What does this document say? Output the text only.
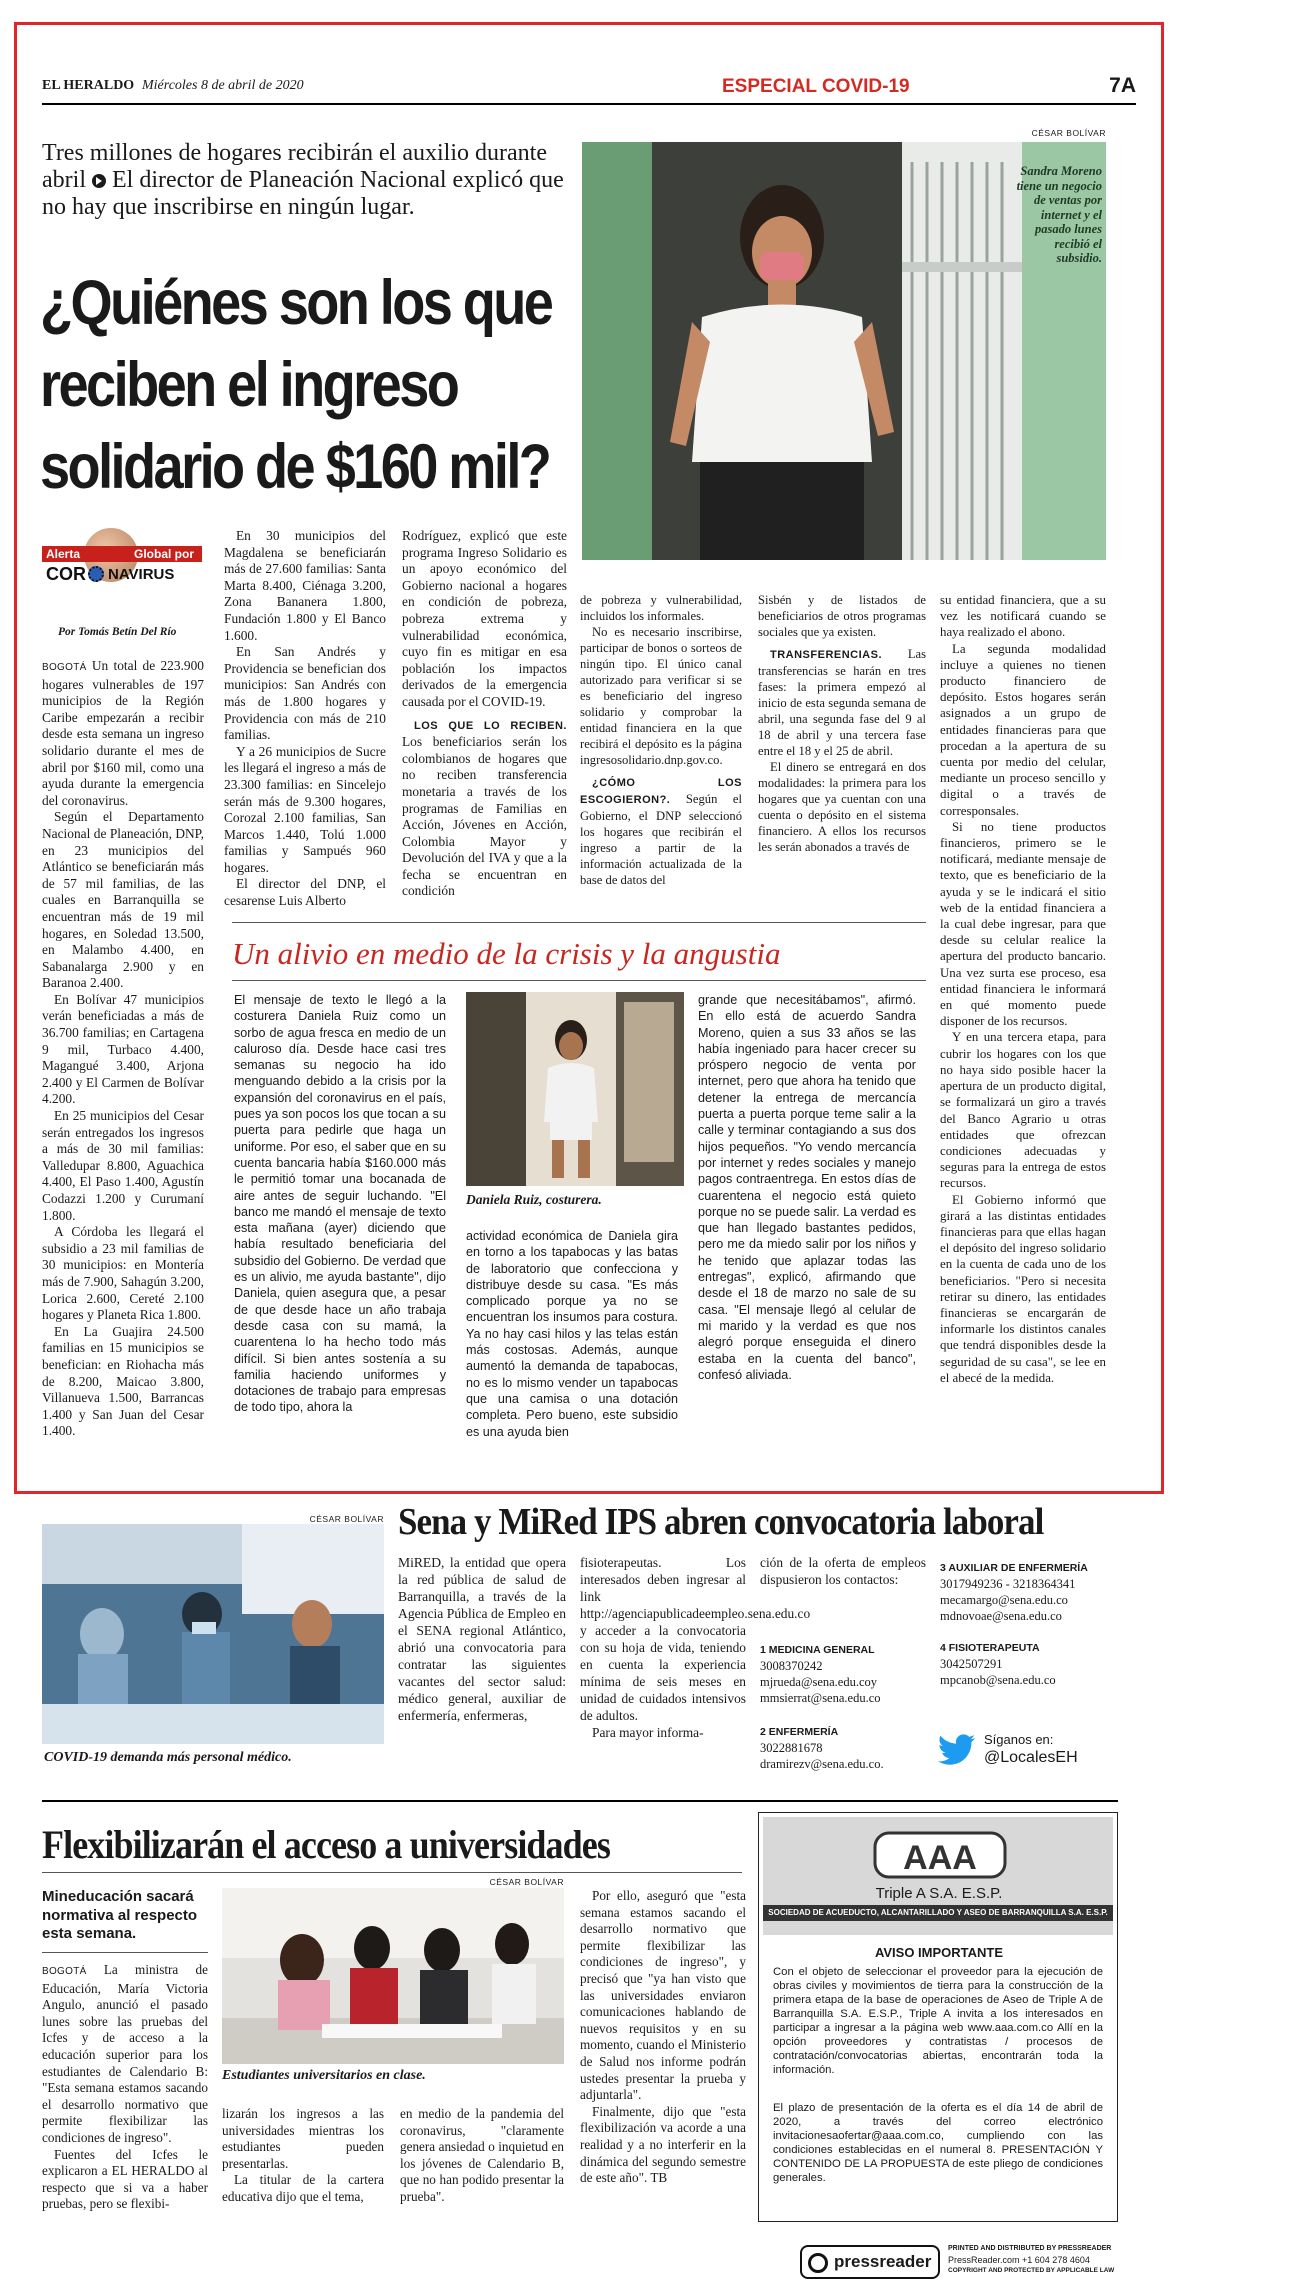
EL HERALDO Miércoles 8 de abril de 2020	ESPECIAL COVID-19	7A
Tres millones de hogares recibirán el auxilio durante abril El director de Planeación Nacional explicó que no hay que inscribirse en ningún lugar.
¿Quiénes son los que reciben el ingreso solidario de $160 mil?
CÉSAR BOLÍVAR
Sandra Moreno tiene un negocio de ventas por internet y el pasado lunes recibió el subsidio.
Alerta	Global por
COR NAVIRUS
Por Tomás Betín Del Río

BOGOTÁ Un total de 223.900 hogares vulnerables de 197 municipios de la Región Caribe empezarán a recibir desde esta semana un ingreso solidario durante el mes de abril por $160 mil, como una ayuda durante la emergencia del coronavirus.

Según el Departamento Nacional de Planeación, DNP, en 23 municipios del Atlántico se beneficiarán más de 57 mil familias, de las cuales en Barranquilla se encuentran más de 19 mil hogares, en Soledad 13.500, en Malambo 4.400, en Sabanalarga 2.900 y en Baranoa 2.400.

En Bolívar 47 municipios verán beneficiadas a más de 36.700 familias; en Cartagena 9 mil, Turbaco 4.400, Magangué 3.400, Arjona 2.400 y El Carmen de Bolívar 4.200.

En 25 municipios del Cesar serán entregados los ingresos a más de 30 mil familias: Valledupar 8.800, Aguachica 4.400, El Paso 1.400, Agustín Codazzi 1.200 y Curumaní 1.800.

A Córdoba les llegará el subsidio a 23 mil familias de 30 municipios: en Montería más de 7.900, Sahagún 3.200, Lorica 2.600, Cereté 2.100 hogares y Planeta Rica 1.800.

En La Guajira 24.500 familias en 15 municipios se benefician: en Riohacha más de 8.200, Maicao 3.800, Villanueva 1.500, Barrancas 1.400 y San Juan del Cesar 1.400.

En 30 municipios del Magdalena se beneficiarán más de 27.600 familias: Santa Marta 8.400, Ciénaga 3.200, Zona Bananera 1.800, Fundación 1.800 y El Banco 1.600.

En San Andrés y Providencia se benefician dos municipios: San Andrés con más de 1.800 hogares y Providencia con más de 210 familias.

Y a 26 municipios de Sucre les llegará el ingreso a más de 23.300 familias: en Sincelejo serán más de 9.300 hogares, Corozal 2.100 familias, San Marcos 1.440, Tolú 1.000 familias y Sampués 960 hogares.

El director del DNP, el cesarense Luis Alberto

Rodríguez, explicó que este programa Ingreso Solidario es un apoyo económico del Gobierno nacional a hogares en condición de pobreza, pobreza extrema y vulnerabilidad económica, cuyo fin es mitigar en esa población los impactos derivados de la emergencia causada por el COVID-19.

LOS QUE LO RECIBEN. Los beneficiarios serán los colombianos de hogares que no reciben transferencia monetaria a través de los programas de Familias en Acción, Jóvenes en Acción, Colombia Mayor y Devolución del IVA y que a la fecha se encuentran en condición

de pobreza y vulnerabilidad, incluidos los informales.

No es necesario inscribirse, participar de bonos o sorteos de ningún tipo. El único canal autorizado para verificar si se es beneficiario del ingreso solidario y comprobar la entidad financiera en la que recibirá el depósito es la página ingresosolidario.dnp.gov.co.

¿CÓMO LOS ESCOGIERON?. Según el Gobierno, el DNP seleccionó los hogares que recibirán el ingreso a partir de la información actualizada de la base de datos del

Sisbén y de listados de beneficiarios de otros programas sociales que ya existen.

TRANSFERENCIAS. Las transferencias se harán en tres fases: la primera empezó al inicio de esta segunda semana de abril, una segunda fase del 9 al 18 de abril y una tercera fase entre el 18 y el 25 de abril.

El dinero se entregará en dos modalidades: la primera para los hogares que ya cuentan con una cuenta o depósito en el sistema financiero. A ellos los recursos les serán abonados a través de

su entidad financiera, que a su vez les notificará cuando se haya realizado el abono.

La segunda modalidad incluye a quienes no tienen producto financiero de depósito. Estos hogares serán asignados a un grupo de entidades financieras para que procedan a la apertura de su cuenta por medio del celular, mediante un proceso sencillo y digital o a través de corresponsales.

Si no tiene productos financieros, primero se le notificará, mediante mensaje de texto, que es beneficiario de la ayuda y se le indicará el sitio web de la entidad financiera a la cual debe ingresar, para que desde su celular realice la apertura del producto bancario. Una vez surta ese proceso, esa entidad financiera le informará en qué momento puede disponer de los recursos.

Y en una tercera etapa, para cubrir los hogares con los que no haya sido posible hacer la apertura de un producto digital, se formalizará un giro a través del Banco Agrario u otras entidades que ofrezcan condiciones adecuadas y seguras para la entrega de estos recursos.

El Gobierno informó que girará a las distintas entidades financieras para que ellas hagan el depósito del ingreso solidario en la cuenta de cada uno de los beneficiarios. "Pero si necesita retirar su dinero, las entidades financieras se encargarán de informarle los distintos canales que tendrá disponibles desde la seguridad de su casa", se lee en el abecé de la medida.

Un alivio en medio de la crisis y la angustia
El mensaje de texto le llegó a la costurera Daniela Ruiz como un sorbo de agua fresca en medio de un caluroso día. Desde hace casi tres semanas su negocio ha ido menguando debido a la crisis por la expansión del coronavirus en el país, pues ya son pocos los que tocan a su puerta para pedirle que haga un uniforme. Por eso, el saber que en su cuenta bancaria había $160.000 más le permitió tomar una bocanada de aire antes de seguir luchando. "El banco me mandó el mensaje de texto esta mañana (ayer) diciendo que había resultado beneficiaria del subsidio del Gobierno. De verdad que es un alivio, me ayuda bastante", dijo Daniela, quien asegura que, a pesar de que desde hace un año trabaja desde casa con su mamá, la cuarentena lo ha hecho todo más difícil. Si bien antes sostenía a su familia haciendo uniformes y dotaciones de trabajo para empresas de todo tipo, ahora la
Daniela Ruiz, costurera.
actividad económica de Daniela gira en torno a los tapabocas y las batas de laboratorio que confecciona y distribuye desde su casa. "Es más complicado porque ya no se encuentran los insumos para costura. Ya no hay casi hilos y las telas están más costosas. Además, aunque aumentó la demanda de tapabocas, no es lo mismo vender un tapabocas que una camisa o una dotación completa. Pero bueno, este subsidio es una ayuda bien
grande que necesitábamos", afirmó. En ello está de acuerdo Sandra Moreno, quien a sus 33 años se las había ingeniado para hacer crecer su próspero negocio de venta por internet, pero que ahora ha tenido que detener la entrega de mercancía puerta a puerta porque teme salir a la calle y terminar contagiando a sus dos hijos pequeños. "Yo vendo mercancía por internet y redes sociales y manejo pagos contraentrega. En estos días de cuarentena el negocio está quieto porque no se puede salir. La verdad es que han llegado bastantes pedidos, pero me da miedo salir por los niños y he tenido que aplazar todas las entregas", explicó, afirmando que desde el 18 de marzo no sale de su casa. "El mensaje llegó al celular de mi marido y la verdad es que nos alegró porque enseguida el dinero estaba en la cuenta del banco", confesó aliviada.
CÉSAR BOLÍVAR
COVID-19 demanda más personal médico.
Sena y MiRed IPS abren convocatoria laboral

MiRED, la entidad que opera la red pública de salud de Barranquilla, a través de la Agencia Pública de Empleo en el SENA regional Atlántico, abrió una convocatoria para contratar las siguientes vacantes del sector salud: médico general, auxiliar de enfermería, enfermeras,

fisioterapeutas. Los interesados deben ingresar al link http://agenciapublicadeempleo.sena.edu.co y acceder a la convocatoria con su hoja de vida, teniendo en cuenta la experiencia mínima de seis meses en unidad de cuidados intensivos de adultos.

Para mayor informa-

ción de la oferta de empleos dispusieron los contactos:

1 MEDICINA GENERAL
3008370242
mjrueda@sena.edu.coy
mmsierrat@sena.edu.co
2 ENFERMERÍA
3022881678
dramirezv@sena.edu.co.
3 AUXILIAR DE ENFERMERÍA
3017949236 - 3218364341
mecamargo@sena.edu.co
mdnovoae@sena.edu.co
4 FISIOTERAPEUTA
3042507291
mpcanob@sena.edu.co
Síganos en:
@LocalesEH
Flexibilizarán el acceso a universidades
Mineducación sacará normativa al respecto esta semana.

BOGOTÁ La ministra de Educación, María Victoria Angulo, anunció el pasado lunes sobre las pruebas del Icfes y de acceso a la educación superior para los estudiantes de Calendario B: "Esta semana estamos sacando el desarrollo normativo que permite flexibilizar las condiciones de ingreso".

Fuentes del Icfes le explicaron a EL HERALDO al respecto que si va a haber pruebas, pero se flexibi-

CÉSAR BOLÍVAR
Estudiantes universitarios en clase.

lizarán los ingresos a las universidades mientras los estudiantes pueden presentarlas.

La titular de la cartera educativa dijo que el tema,

en medio de la pandemia del coronavirus, "claramente genera ansiedad o inquietud en los jóvenes de Calendario B, que no han podido presentar la prueba".

Por ello, aseguró que "esta semana estamos sacando el desarrollo normativo que permite flexibilizar las condiciones de ingreso", y precisó que "ya han visto que las universidades enviaron comunicaciones hablando de nuevos requisitos y en su momento, cuando el Ministerio de Salud nos informe podrán ustedes presentar la prueba y adjuntarla".

Finalmente, dijo que "esta flexibilización va acorde a una realidad y a no interferir en la dinámica del segundo semestre de este año". TB

AAA
Triple A S.A. E.S.P.
SOCIEDAD DE ACUEDUCTO, ALCANTARILLADO Y ASEO DE BARRANQUILLA S.A. E.S.P.
AVISO IMPORTANTE
Con el objeto de seleccionar el proveedor para la ejecución de obras civiles y movimientos de tierra para la construcción de la primera etapa de la base de operaciones de Aseo de Triple A de Barranquilla S.A. E.S.P., Triple A invita a los interesados en participar a ingresar a la página web www.aaa.com.co Allí en la opción proveedores y contratistas / procesos de contratación/convocatorias abiertas, encontrarán toda la información.
El plazo de presentación de la oferta es el día 14 de abril de 2020, a través del correo electrónico invitacionesaofertar@aaa.com.co, cumpliendo con las condiciones establecidas en el numeral 8. PRESENTACIÓN Y CONTENIDO DE LA PROPUESTA de este pliego de condiciones generales.
pressreader
PRINTED AND DISTRIBUTED BY PRESSREADER
PressReader.com +1 604 278 4604
COPYRIGHT AND PROTECTED BY APPLICABLE LAW
